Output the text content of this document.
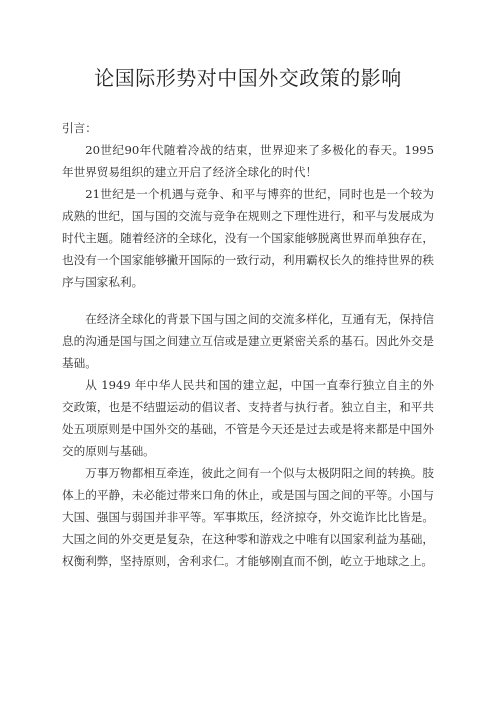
论国际形势对中国外交政策的影响

引言：

20世纪90年代随着冷战的结束，世界迎来了多极化的春天。1995年世界贸易组织的建立开启了经济全球化的时代！

21世纪是一个机遇与竞争、和平与博弈的世纪，同时也是一个较为成熟的世纪，国与国的交流与竞争在规则之下理性进行，和平与发展成为时代主题。随着经济的全球化，没有一个国家能够脱离世界而单独存在，也没有一个国家能够撇开国际的一致行动，利用霸权长久的维持世界的秩序与国家私利。

在经济全球化的背景下国与国之间的交流多样化，互通有无，保持信息的沟通是国与国之间建立互信或是建立更紧密关系的基石。因此外交是基础。

从 1949 年中华人民共和国的建立起，中国一直奉行独立自主的外交政策，也是不结盟运动的倡议者、支持者与执行者。独立自主，和平共处五项原则是中国外交的基础，不管是今天还是过去或是将来都是中国外交的原则与基础。

万事万物都相互牵连，彼此之间有一个似与太极阴阳之间的转换。肢体上的平静，未必能过带来口角的休止，或是国与国之间的平等。小国与大国、强国与弱国并非平等。军事欺压，经济掠夺，外交诡诈比比皆是。大国之间的外交更是复杂，在这种零和游戏之中唯有以国家利益为基础，权衡利弊，坚持原则，舍利求仁。才能够刚直而不倒，屹立于地球之上。
